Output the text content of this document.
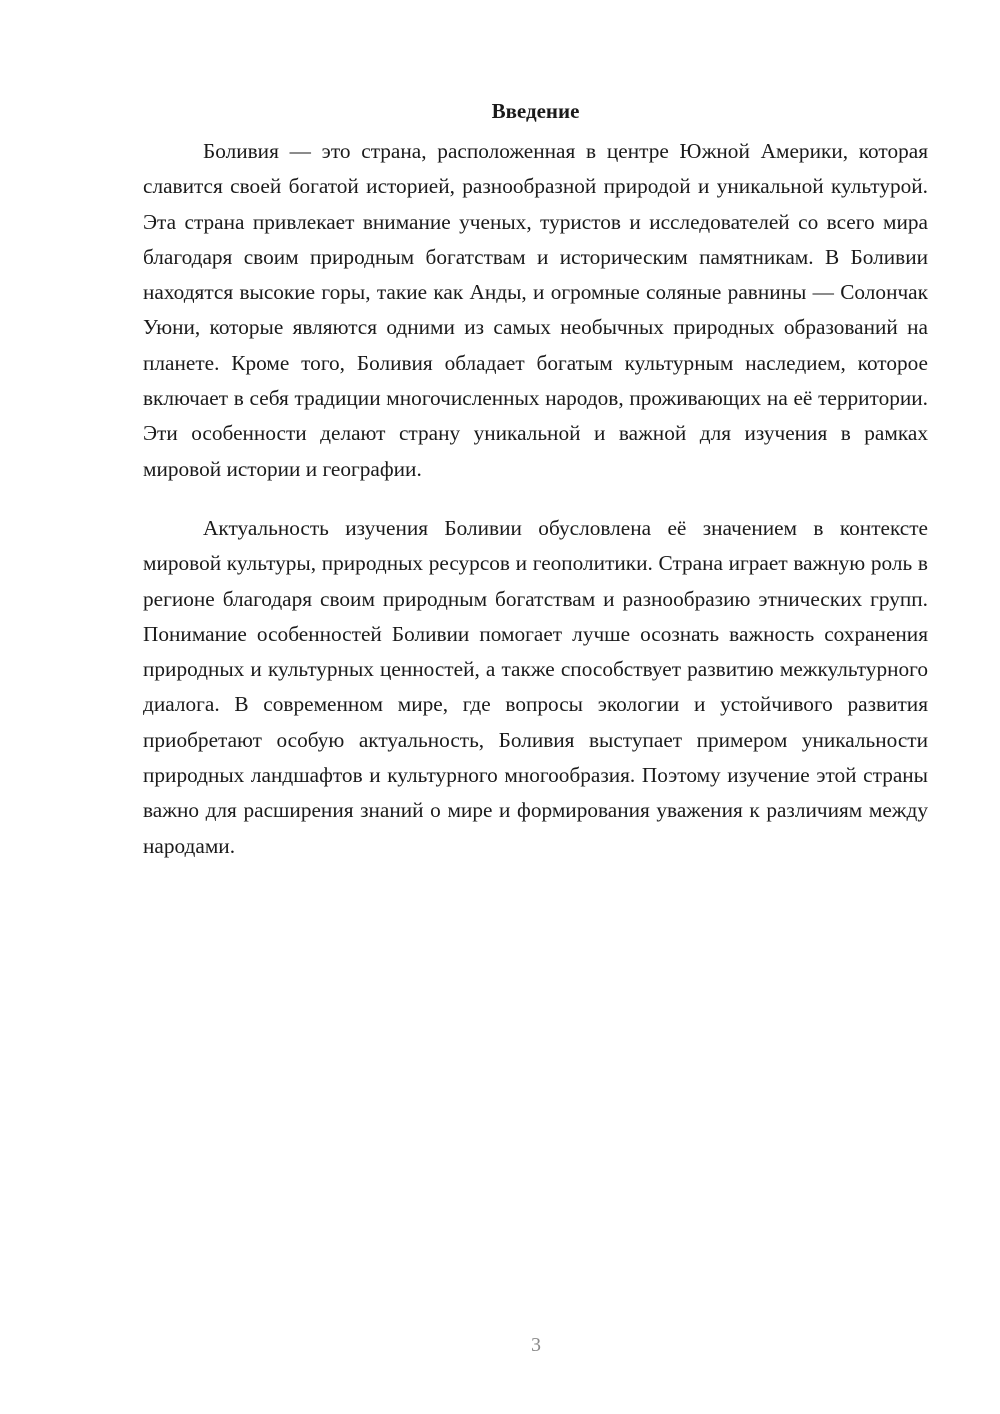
Введение

Боливия — это страна, расположенная в центре Южной Америки, которая славится своей богатой историей, разнообразной природой и уникальной культурой. Эта страна привлекает внимание ученых, туристов и исследователей со всего мира благодаря своим природным богатствам и историческим памятникам. В Боливии находятся высокие горы, такие как Анды, и огромные соляные равнины — Солончак Уюни, которые являются одними из самых необычных природных образований на планете. Кроме того, Боливия обладает богатым культурным наследием, которое включает в себя традиции многочисленных народов, проживающих на её территории. Эти особенности делают страну уникальной и важной для изучения в рамках мировой истории и географии.

Актуальность изучения Боливии обусловлена её значением в контексте мировой культуры, природных ресурсов и геополитики. Страна играет важную роль в регионе благодаря своим природным богатствам и разнообразию этнических групп. Понимание особенностей Боливии помогает лучше осознать важность сохранения природных и культурных ценностей, а также способствует развитию межкультурного диалога. В современном мире, где вопросы экологии и устойчивого развития приобретают особую актуальность, Боливия выступает примером уникальности природных ландшафтов и культурного многообразия. Поэтому изучение этой страны важно для расширения знаний о мире и формирования уважения к различиям между народами.

3
